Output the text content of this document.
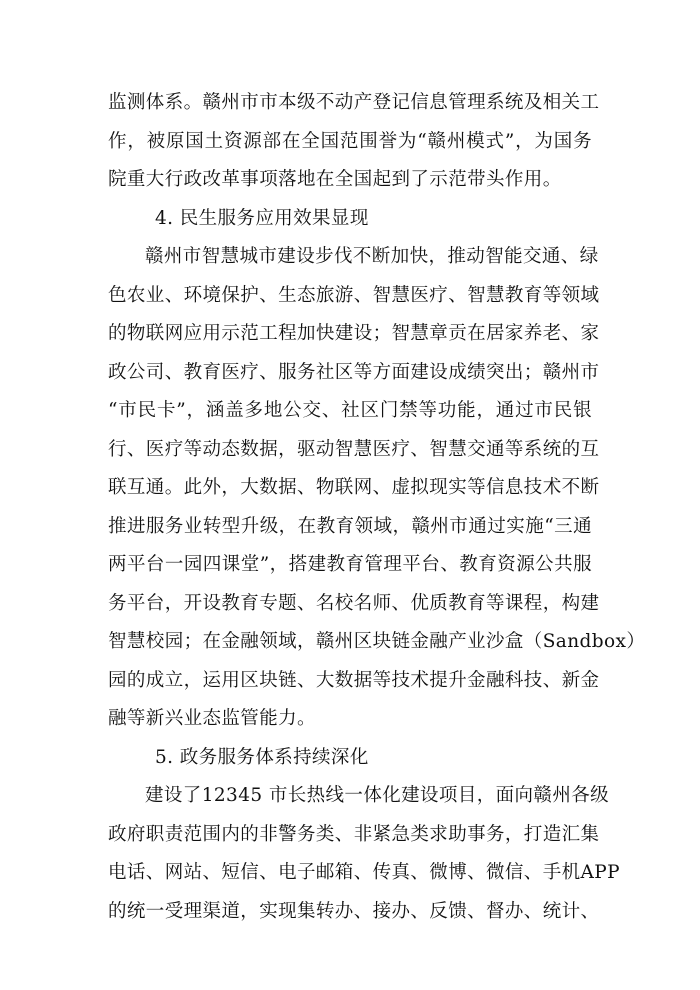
监测体系。赣州市市本级不动产登记信息管理系统及相关工
作，被原国土资源部在全国范围誉为“赣州模式”，为国务
院重大行政改革事项落地在全国起到了示范带头作用。
4. 民生服务应用效果显现
赣州市智慧城市建设步伐不断加快，推动智能交通、绿
色农业、环境保护、生态旅游、智慧医疗、智慧教育等领域
的物联网应用示范工程加快建设；智慧章贡在居家养老、家
政公司、教育医疗、服务社区等方面建设成绩突出；赣州市
“市民卡”，涵盖多地公交、社区门禁等功能，通过市民银
行、医疗等动态数据，驱动智慧医疗、智慧交通等系统的互
联互通。此外，大数据、物联网、虚拟现实等信息技术不断
推进服务业转型升级，在教育领域，赣州市通过实施“三通
两平台一园四课堂”，搭建教育管理平台、教育资源公共服
务平台，开设教育专题、名校名师、优质教育等课程，构建
智慧校园；在金融领域，赣州区块链金融产业沙盒（Sandbox）
园的成立，运用区块链、大数据等技术提升金融科技、新金
融等新兴业态监管能力。
5. 政务服务体系持续深化
建设了12345 市长热线一体化建设项目，面向赣州各级
政府职责范围内的非警务类、非紧急类求助事务，打造汇集
电话、网站、短信、电子邮箱、传真、微博、微信、手机APP
的统一受理渠道，实现集转办、接办、反馈、督办、统计、
